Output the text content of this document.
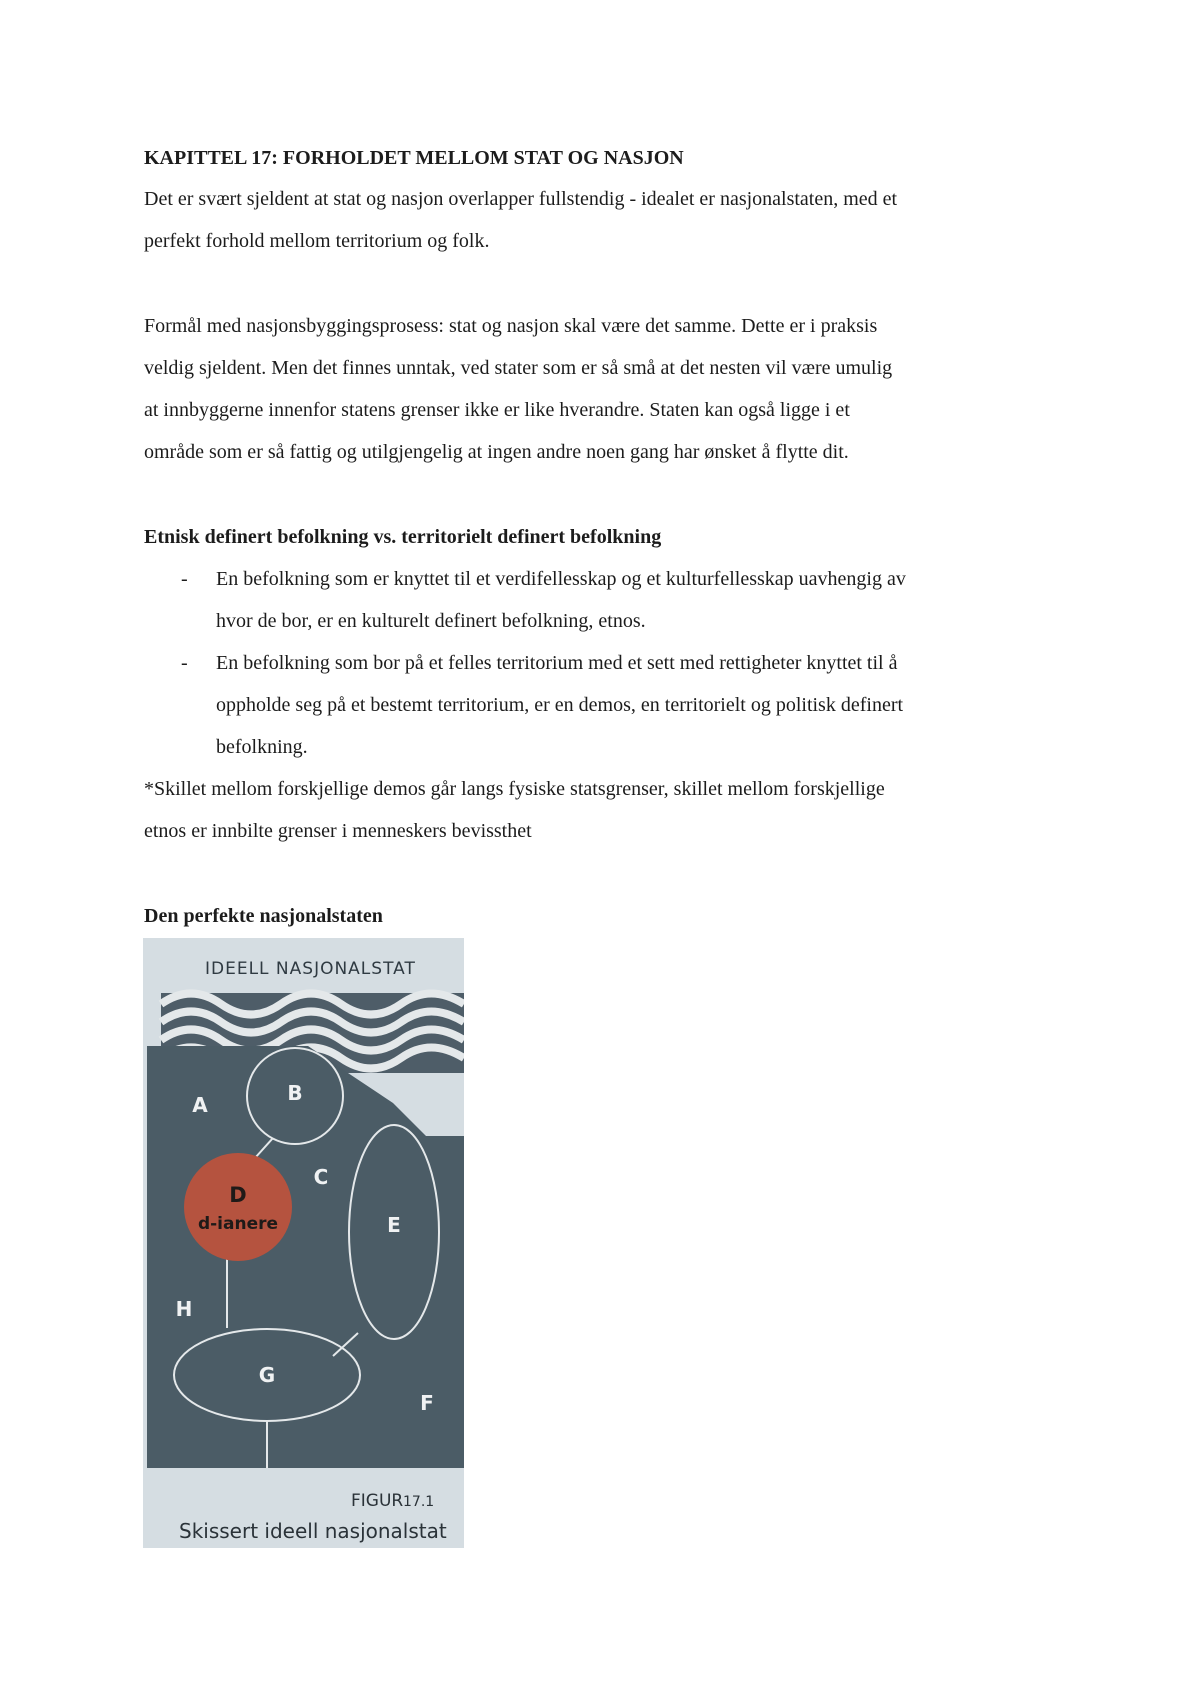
KAPITTEL 17: FORHOLDET MELLOM STAT OG NASJON
Det er svært sjeldent at stat og nasjon overlapper fullstendig - idealet er nasjonalstaten, med et
perfekt forhold mellom territorium og folk.
Formål med nasjonsbyggingsprosess: stat og nasjon skal være det samme. Dette er i praksis
veldig sjeldent. Men det finnes unntak, ved stater som er så små at det nesten vil være umulig
at innbyggerne innenfor statens grenser ikke er like hverandre. Staten kan også ligge i et
område som er så fattig og utilgjengelig at ingen andre noen gang har ønsket å flytte dit.
Etnisk definert befolkning vs. territorielt definert befolkning
- En befolkning som er knyttet til et verdifellesskap og et kulturfellesskap uavhengig av
hvor de bor, er en kulturelt definert befolkning, etnos.
- En befolkning som bor på et felles territorium med et sett med rettigheter knyttet til å
oppholde seg på et bestemt territorium, er en demos, en territorielt og politisk definert
befolkning.
*Skillet mellom forskjellige demos går langs fysiske statsgrenser, skillet mellom forskjellige
etnos er innbilte grenser i menneskers bevissthet
Den perfekte nasjonalstaten
IDEELL NASJONALSTAT
A	B
C
D
d-ianere	E
F
G
H
FIGUR 17.1
Skissert ideell nasjonalstat
